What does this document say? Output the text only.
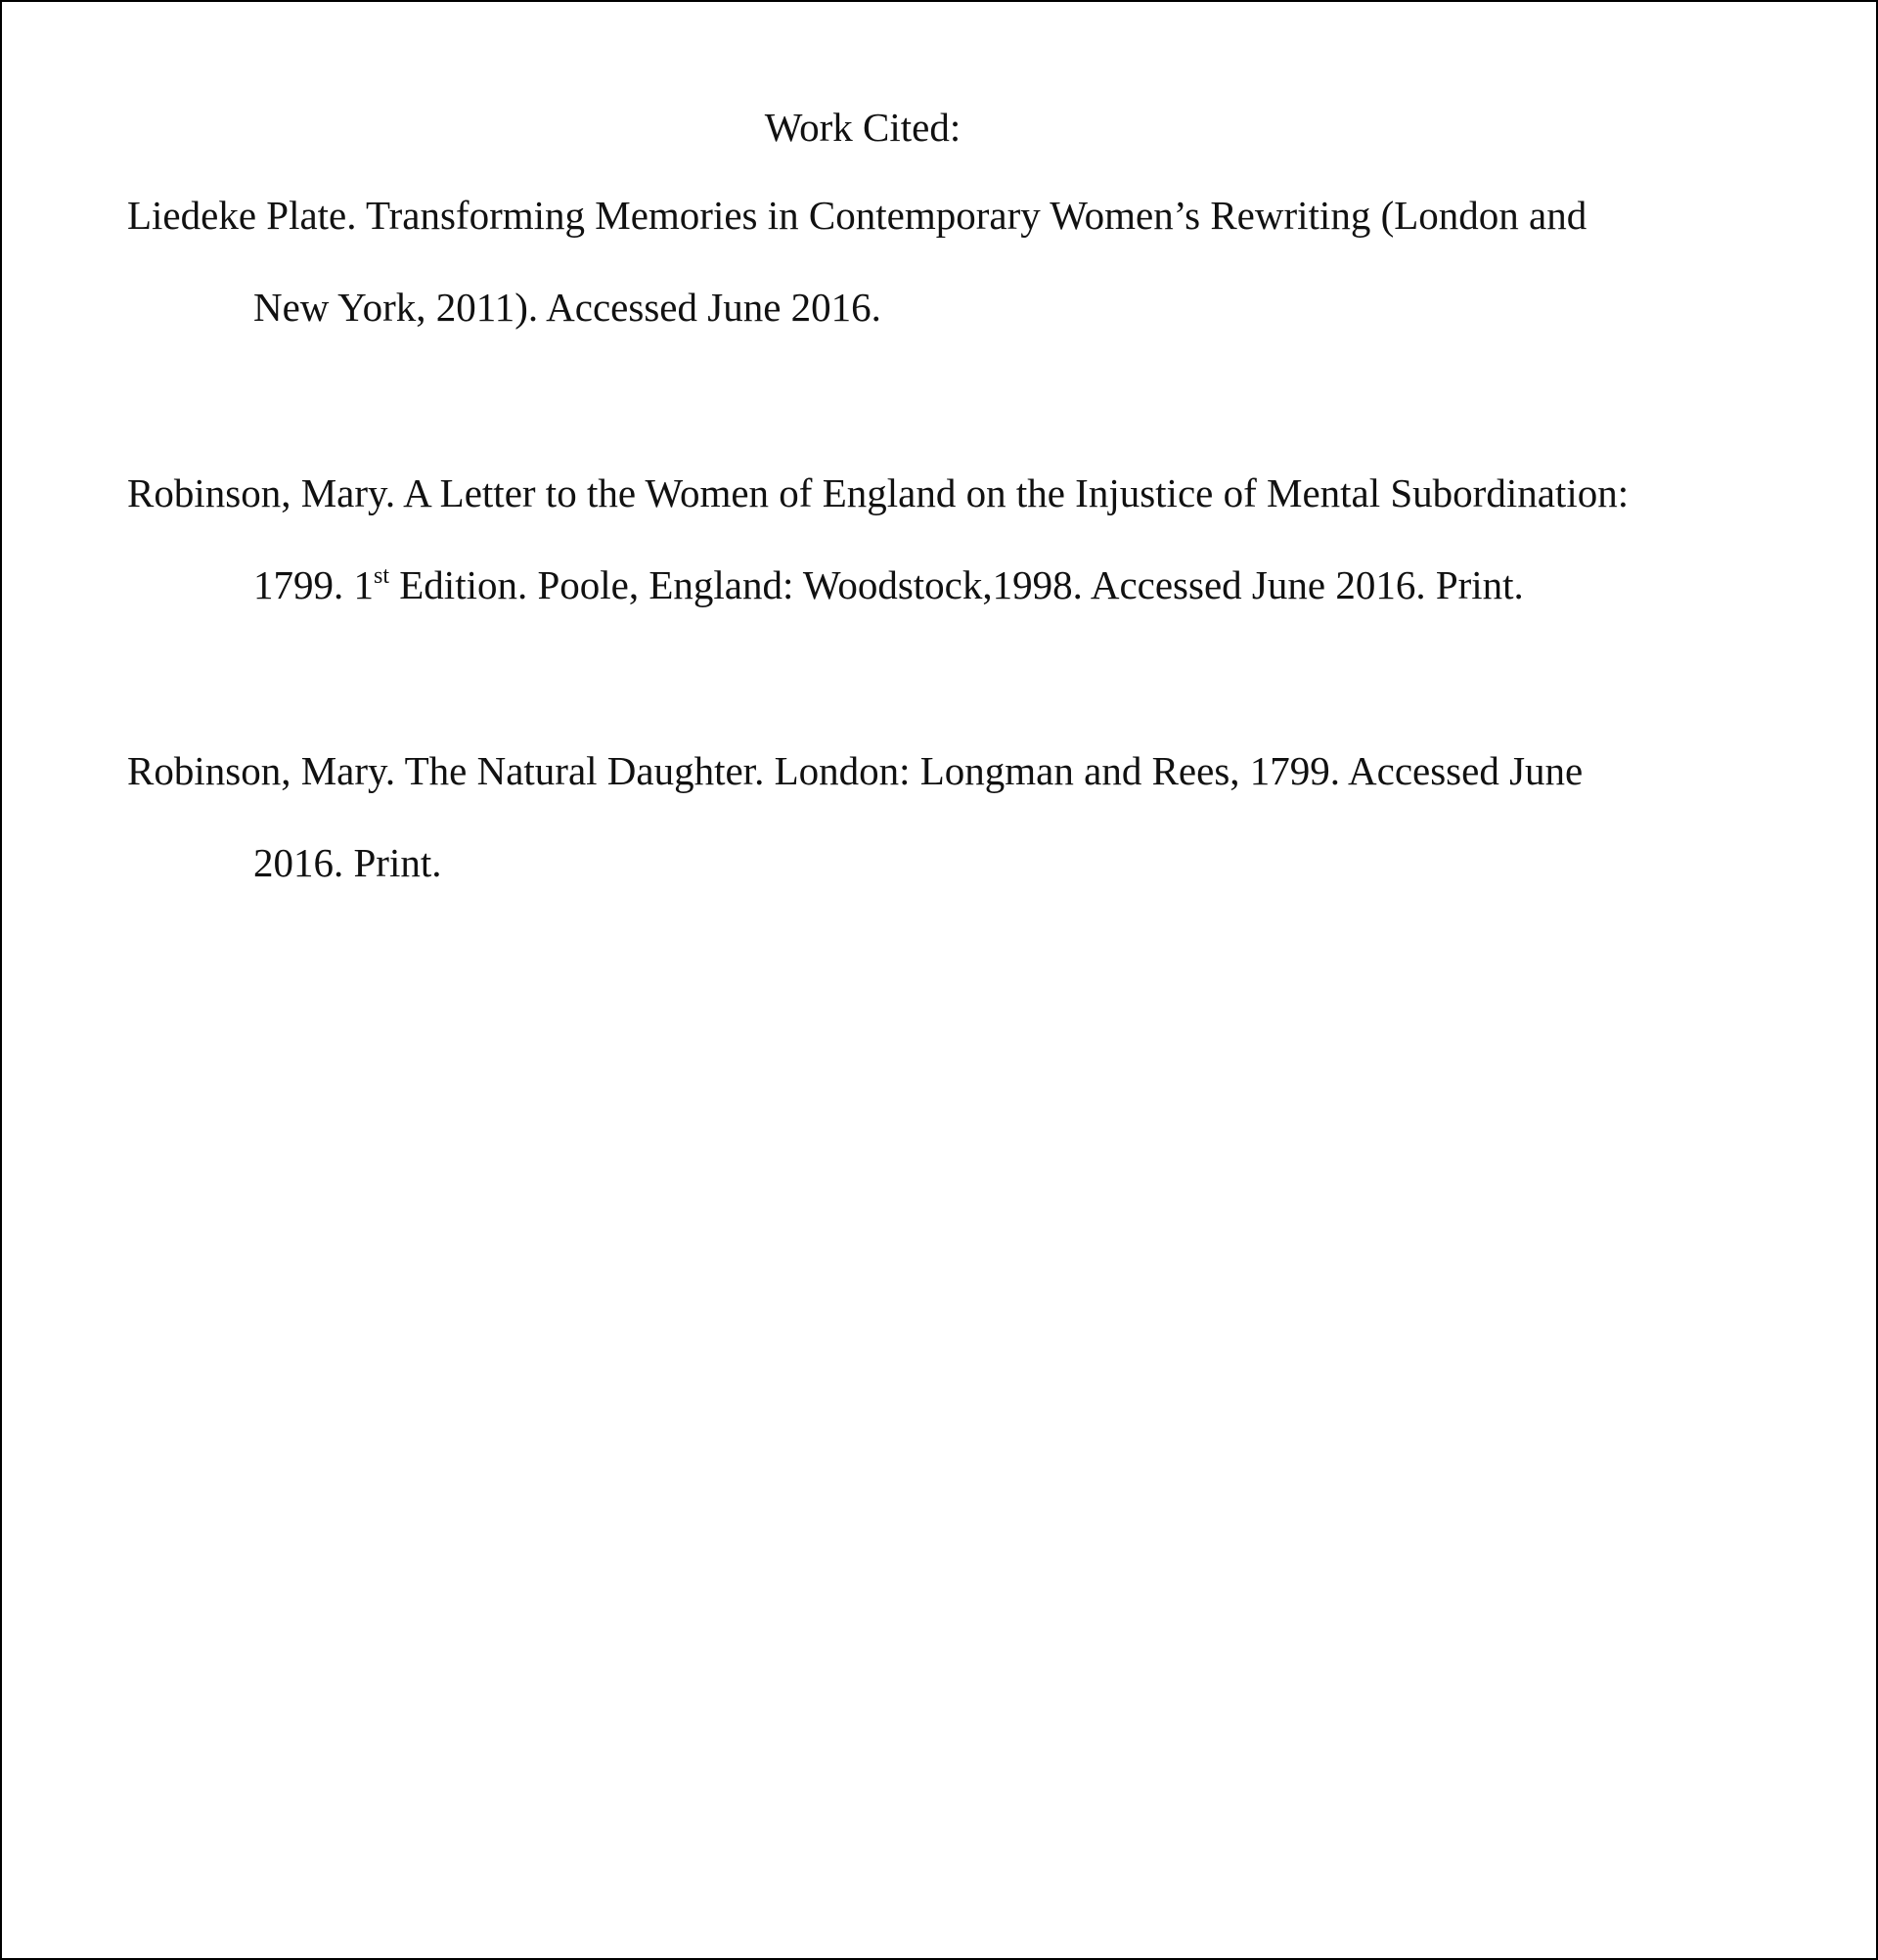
Work Cited:

Liedeke Plate. Transforming Memories in Contemporary Women’s Rewriting (London and
New York, 2011). Accessed June 2016.

Robinson, Mary. A Letter to the Women of England on the Injustice of Mental Subordination:
1799. 1st Edition. Poole, England: Woodstock,1998. Accessed June 2016. Print.

Robinson, Mary. The Natural Daughter. London: Longman and Rees, 1799. Accessed June
2016. Print.
